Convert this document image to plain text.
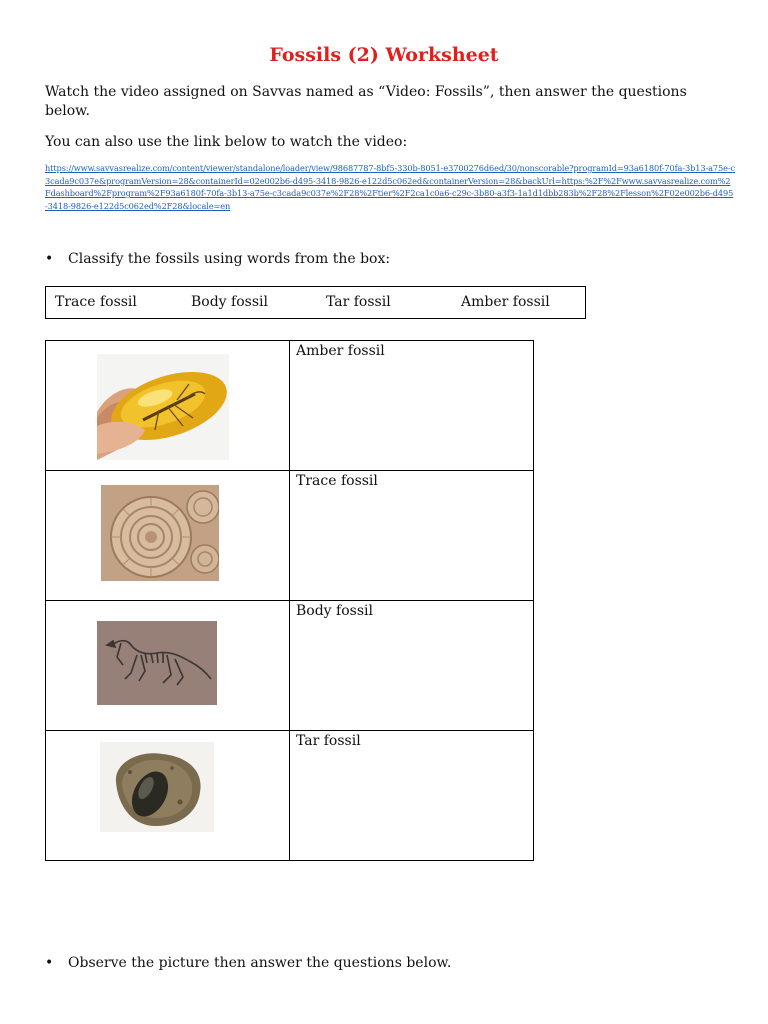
Fossils (2) Worksheet
Watch the video assigned on Savvas named as “Video: Fossils”, then answer the questions below.
You can also use the link below to watch the video:
https://www.savvasrealize.com/content/viewer/standalone/loader/view/98687787-8bf5-330b-8051-e3700276d6ed/30/nonscorable?programId=93a6180f-70fa-3b13-a75e-c3cada9c037e&programVersion=28&containerId=02e002b6-d495-3418-9826-e122d5c062ed&containerVersion=28&backUrl=https:%2F%2Fwww.savvasrealize.com%2Fdashboard%2Fprogram%2F93a6180f-70fa-3b13-a75e-c3cada9c037e%2F28%2Ftier%2F2ca1c0a6-c29c-3b80-a3f3-1a1d1dbb283b%2F28%2Flesson%2F02e002b6-d495-3418-9826-e122d5c062ed%2F28&locale=en
• Classify the fossils using words from the box:
Trace fossil	Body fossil	Tar fossil	Amber fossil

Amber fossil

Trace fossil

Body fossil

Tar fossil
• Observe the picture then answer the questions below.
